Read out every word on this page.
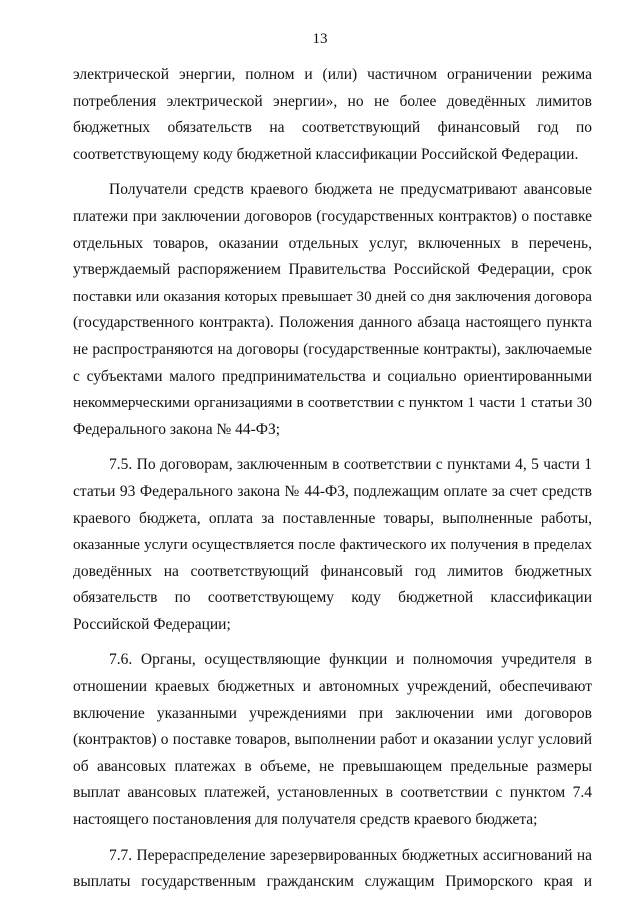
13

электрической энергии, полном и (или) частичном ограничении режима
потребления электрической энергии», но не более доведённых лимитов
бюджетных обязательств на соответствующий финансовый год по
соответствующему коду бюджетной классификации Российской Федерации.

Получатели средств краевого бюджета не предусматривают авансовые
платежи при заключении договоров (государственных контрактов) о поставке
отдельных товаров, оказании отдельных услуг, включенных в перечень,
утверждаемый распоряжением Правительства Российской Федерации, срок
поставки или оказания которых превышает 30 дней со дня заключения договора
(государственного контракта). Положения данного абзаца настоящего пункта
не распространяются на договоры (государственные контракты), заключаемые
с субъектами малого предпринимательства и социально ориентированными
некоммерческими организациями в соответствии с пунктом 1 части 1 статьи 30
Федерального закона № 44-ФЗ;

7.5. По договорам, заключенным в соответствии с пунктами 4, 5 части 1
статьи 93 Федерального закона № 44-ФЗ, подлежащим оплате за счет средств
краевого бюджета, оплата за поставленные товары, выполненные работы,
оказанные услуги осуществляется после фактического их получения в пределах
доведённых на соответствующий финансовый год лимитов бюджетных
обязательств по соответствующему коду бюджетной классификации
Российской Федерации;

7.6. Органы, осуществляющие функции и полномочия учредителя в
отношении краевых бюджетных и автономных учреждений, обеспечивают
включение указанными учреждениями при заключении ими договоров
(контрактов) о поставке товаров, выполнении работ и оказании услуг условий
об авансовых платежах в объеме, не превышающем предельные размеры
выплат авансовых платежей, установленных в соответствии с пунктом 7.4
настоящего постановления для получателя средств краевого бюджета;

7.7. Перераспределение зарезервированных бюджетных ассигнований на
выплаты государственным гражданским служащим Приморского края и
